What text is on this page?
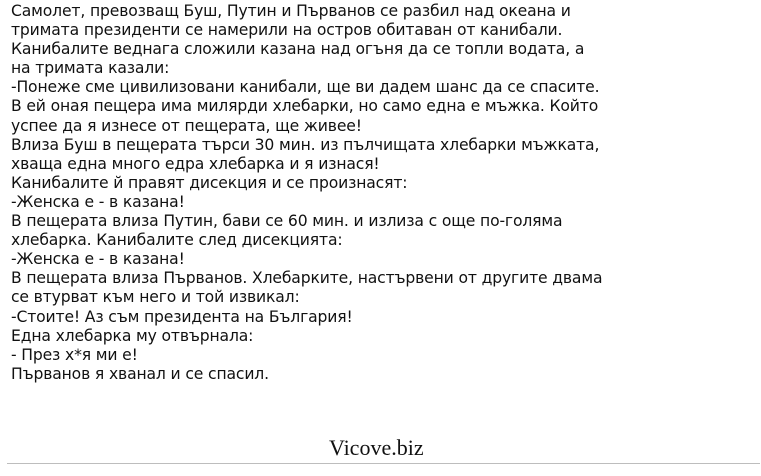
Самолет, превозващ Буш, Путин и Първанов се разбил над океана и
тримата президенти се намерили на остров обитаван от канибали.
Канибалите веднага сложили казана над огъня да се топли водата, а
на тримата казали:
-Понеже сме цивилизовани канибали, ще ви дадем шанс да се спасите.
В ей оная пещера има милярди хлебарки, но само една е мъжка. Който
успее да я изнесе от пещерата, ще живее!
Влиза Буш в пещерата търси 30 мин. из пълчищата хлебарки мъжката,
хваща една много едра хлебарка и я изнася!
Канибалите й правят дисекция и се произнасят:
-Женска е - в казана!
В пещерата влиза Путин, бави се 60 мин. и излиза с още по-голяма
хлебарка. Канибалите след дисекцията:
-Женска е - в казана!
В пещерата влиза Първанов. Хлебарките, настървени от другите двама
се втурват към него и той извикал:
-Стоите! Аз съм президента на България!
Една хлебарка му отвърнала:
- През х*я ми е!
Първанов я хванал и се спасил.
Vicove.biz
